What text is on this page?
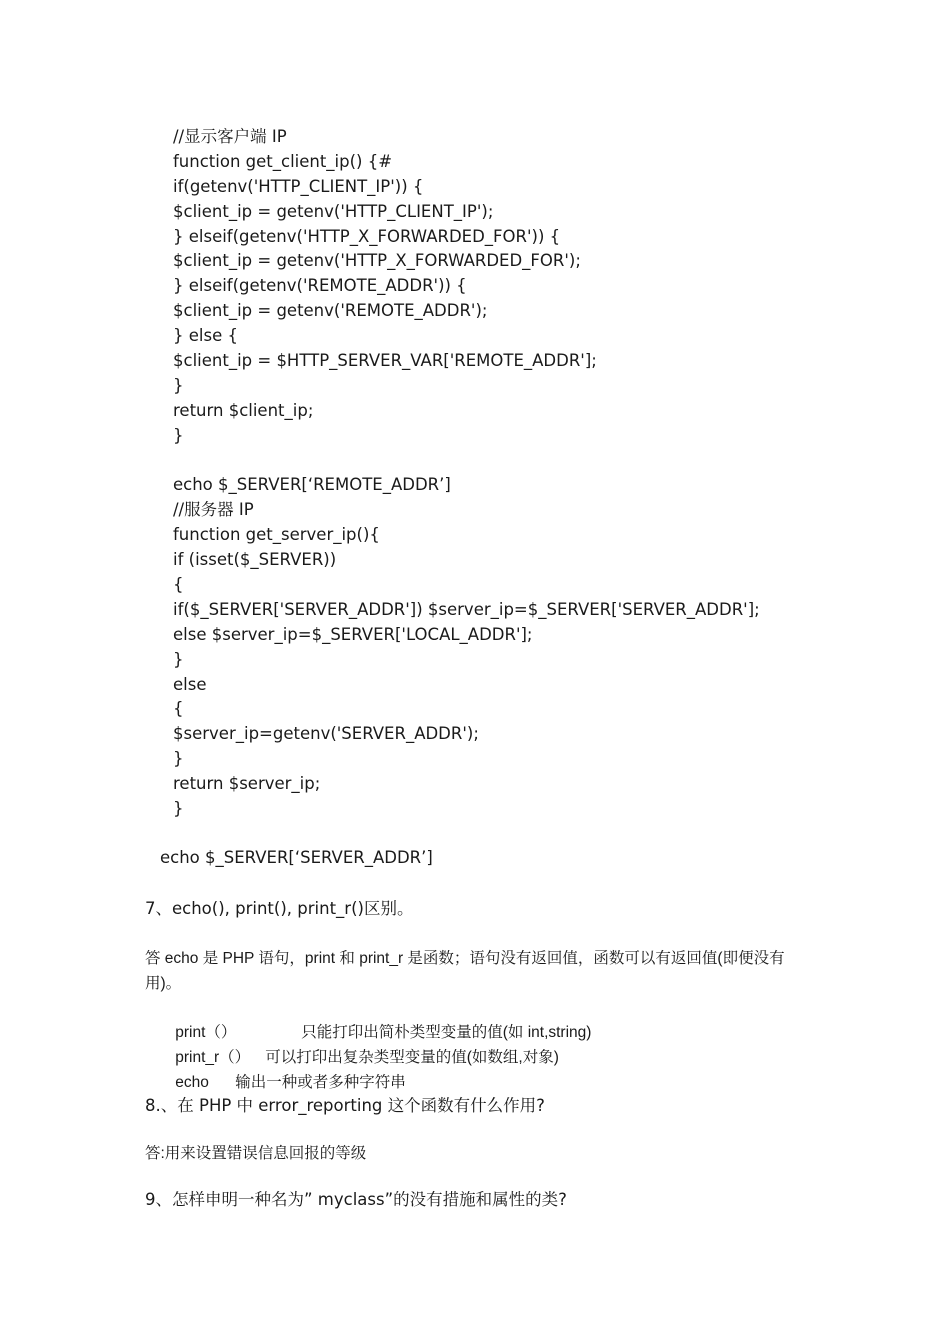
//显示客户端 IP
function get_client_ip() {#
if(getenv('HTTP_CLIENT_IP')) {
$client_ip = getenv('HTTP_CLIENT_IP');
} elseif(getenv('HTTP_X_FORWARDED_FOR')) {
$client_ip = getenv('HTTP_X_FORWARDED_FOR');
} elseif(getenv('REMOTE_ADDR')) {
$client_ip = getenv('REMOTE_ADDR');
} else {
$client_ip = $HTTP_SERVER_VAR['REMOTE_ADDR'];
}
return $client_ip;
}
echo $_SERVER[‘REMOTE_ADDR’]
//服务器 IP
function get_server_ip(){
if (isset($_SERVER))
{
if($_SERVER['SERVER_ADDR']) $server_ip=$_SERVER['SERVER_ADDR'];
else $server_ip=$_SERVER['LOCAL_ADDR'];
}
else
{
$server_ip=getenv('SERVER_ADDR');
}
return $server_ip;
}
echo $_SERVER[‘SERVER_ADDR’]
7、echo(), print(), print_r()区别。
答 echo 是 PHP 语句，print 和 print_r 是函数；语句没有返回值，函数可以有返回值(即便没有用)。

print（）	只能打印出简朴类型变量的值(如 int,string)

print_r（） 可以打印出复杂类型变量的值(如数组,对象)

echo 输出一种或者多种字符串

8.、在 PHP 中 error_reporting 这个函数有什么作用?
答:用来设置错误信息回报的等级
9、怎样申明一种名为” myclass”的没有措施和属性的类?
